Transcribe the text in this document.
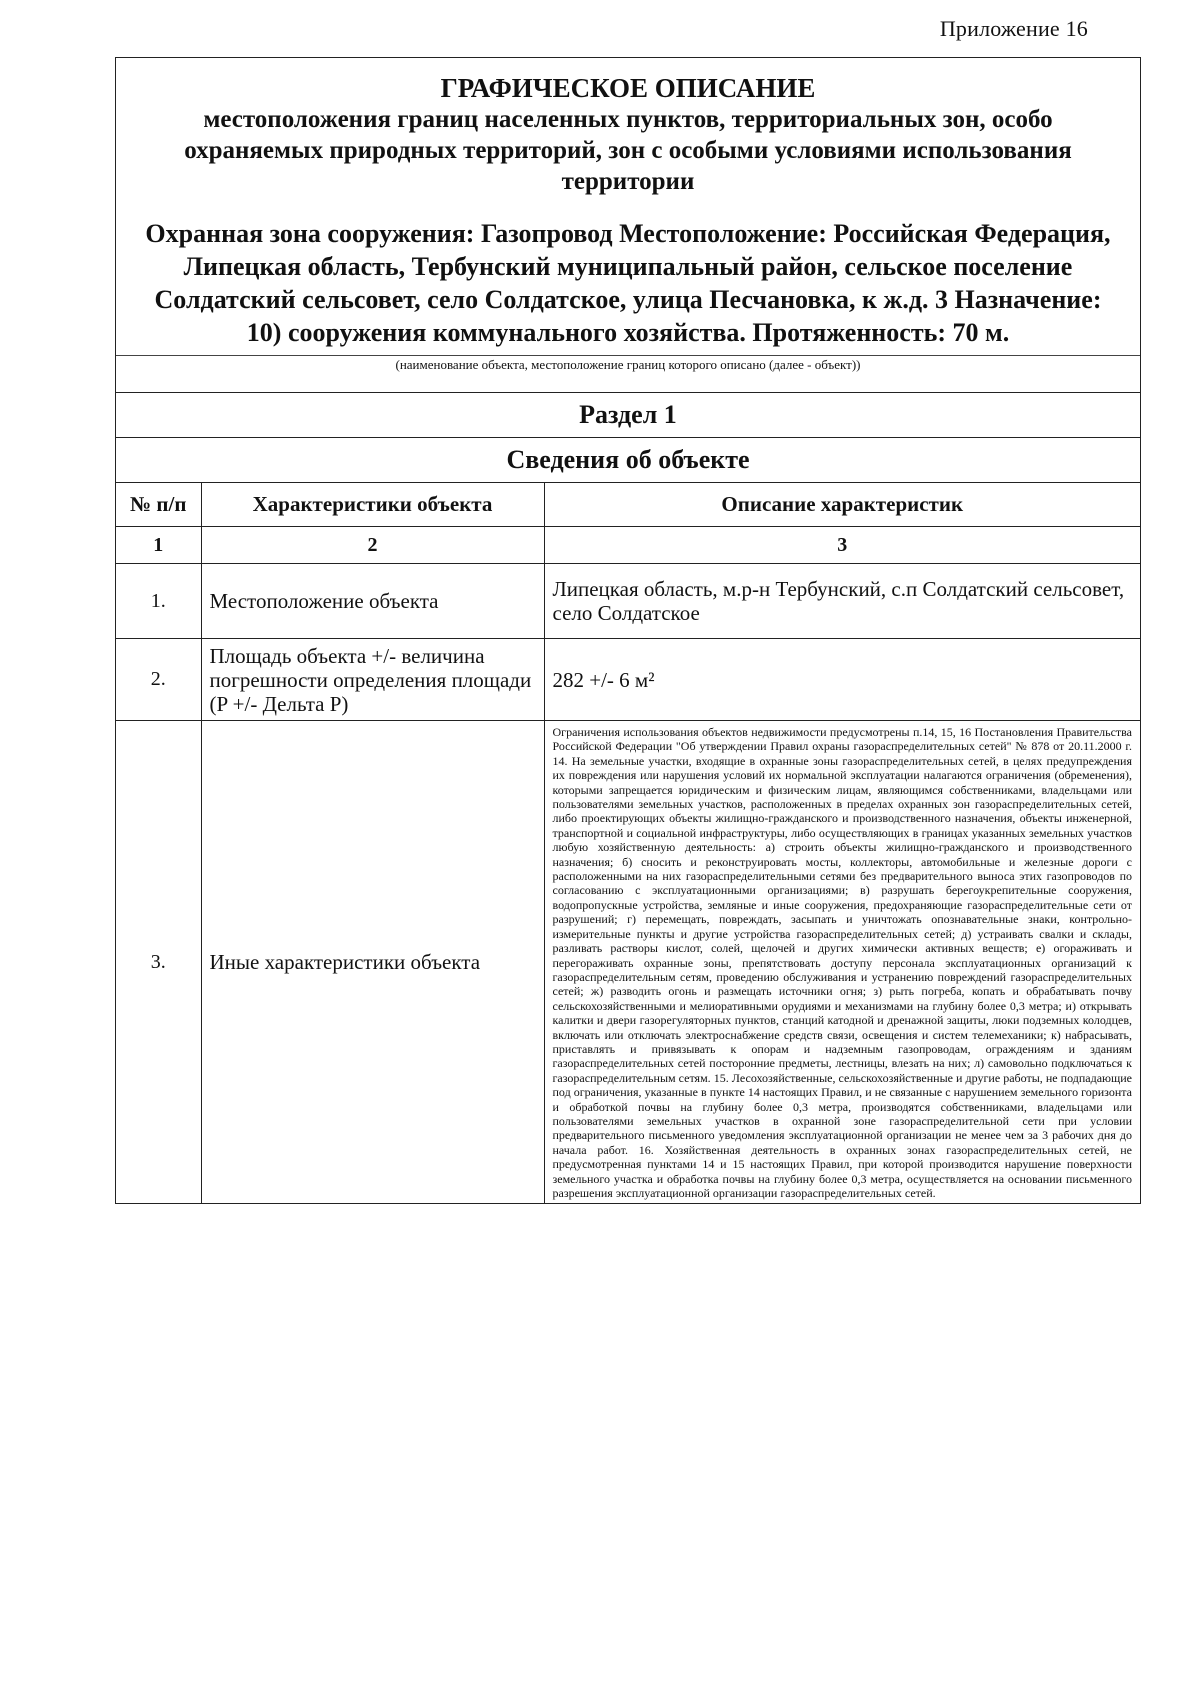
Приложение 16
ГРАФИЧЕСКОЕ ОПИСАНИЕ
местоположения границ населенных пунктов, территориальных зон, особо охраняемых природных территорий, зон с особыми условиями использования территории
Охранная зона сооружения: Газопровод Местоположение: Российская Федерация, Липецкая область, Тербунский муниципальный район, сельское поселение Солдатский сельсовет, село Солдатское, улица Песчановка, к ж.д. 3 Назначение: 10) сооружения коммунального хозяйства. Протяженность: 70 м.
(наименование объекта, местоположение границ которого описано (далее - объект))
Раздел 1
Сведения об объекте
№ п/п	Характеристики объекта	Описание характеристик
1	2	3
1.	Местоположение объекта	Липецкая область, м.р-н Тербунский, с.п Солдатский сельсовет, село Солдатское
2.	Площадь объекта +/- величина погрешности определения площади (P +/- Дельта P)	282 +/- 6 м²
3.	Иные характеристики объекта	Ограничения использования объектов недвижимости предусмотрены п.14, 15, 16 Постановления Правительства Российской Федерации "Об утверждении Правил охраны газораспределительных сетей" № 878 от 20.11.2000 г. 14. На земельные участки, входящие в охранные зоны газораспределительных сетей, в целях предупреждения их повреждения или нарушения условий их нормальной эксплуатации налагаются ограничения (обременения), которыми запрещается юридическим и физическим лицам, являющимся собственниками, владельцами или пользователями земельных участков, расположенных в пределах охранных зон газораспределительных сетей, либо проектирующих объекты жилищно-гражданского и производственного назначения, объекты инженерной, транспортной и социальной инфраструктуры, либо осуществляющих в границах указанных земельных участков любую хозяйственную деятельность: а) строить объекты жилищно-гражданского и производственного назначения; б) сносить и реконструировать мосты, коллекторы, автомобильные и железные дороги с расположенными на них газораспределительными сетями без предварительного выноса этих газопроводов по согласованию с эксплуатационными организациями; в) разрушать берегоукрепительные сооружения, водопропускные устройства, земляные и иные сооружения, предохраняющие газораспределительные сети от разрушений; г) перемещать, повреждать, засыпать и уничтожать опознавательные знаки, контрольно-измерительные пункты и другие устройства газораспределительных сетей; д) устраивать свалки и склады, разливать растворы кислот, солей, щелочей и других химически активных веществ; е) огораживать и перегораживать охранные зоны, препятствовать доступу персонала эксплуатационных организаций к газораспределительным сетям, проведению обслуживания и устранению повреждений газораспределительных сетей; ж) разводить огонь и размещать источники огня; з) рыть погреба, копать и обрабатывать почву сельскохозяйственными и мелиоративными орудиями и механизмами на глубину более 0,3 метра; и) открывать калитки и двери газорегуляторных пунктов, станций катодной и дренажной защиты, люки подземных колодцев, включать или отключать электроснабжение средств связи, освещения и систем телемеханики; к) набрасывать, приставлять и привязывать к опорам и надземным газопроводам, ограждениям и зданиям газораспределительных сетей посторонние предметы, лестницы, влезать на них; л) самовольно подключаться к газораспределительным сетям. 15. Лесохозяйственные, сельскохозяйственные и другие работы, не подпадающие под ограничения, указанные в пункте 14 настоящих Правил, и не связанные с нарушением земельного горизонта и обработкой почвы на глубину более 0,3 метра, производятся собственниками, владельцами или пользователями земельных участков в охранной зоне газораспределительной сети при условии предварительного письменного уведомления эксплуатационной организации не менее чем за 3 рабочих дня до начала работ. 16. Хозяйственная деятельность в охранных зонах газораспределительных сетей, не предусмотренная пунктами 14 и 15 настоящих Правил, при которой производится нарушение поверхности земельного участка и обработка почвы на глубину более 0,3 метра, осуществляется на основании письменного разрешения эксплуатационной организации газораспределительных сетей.
